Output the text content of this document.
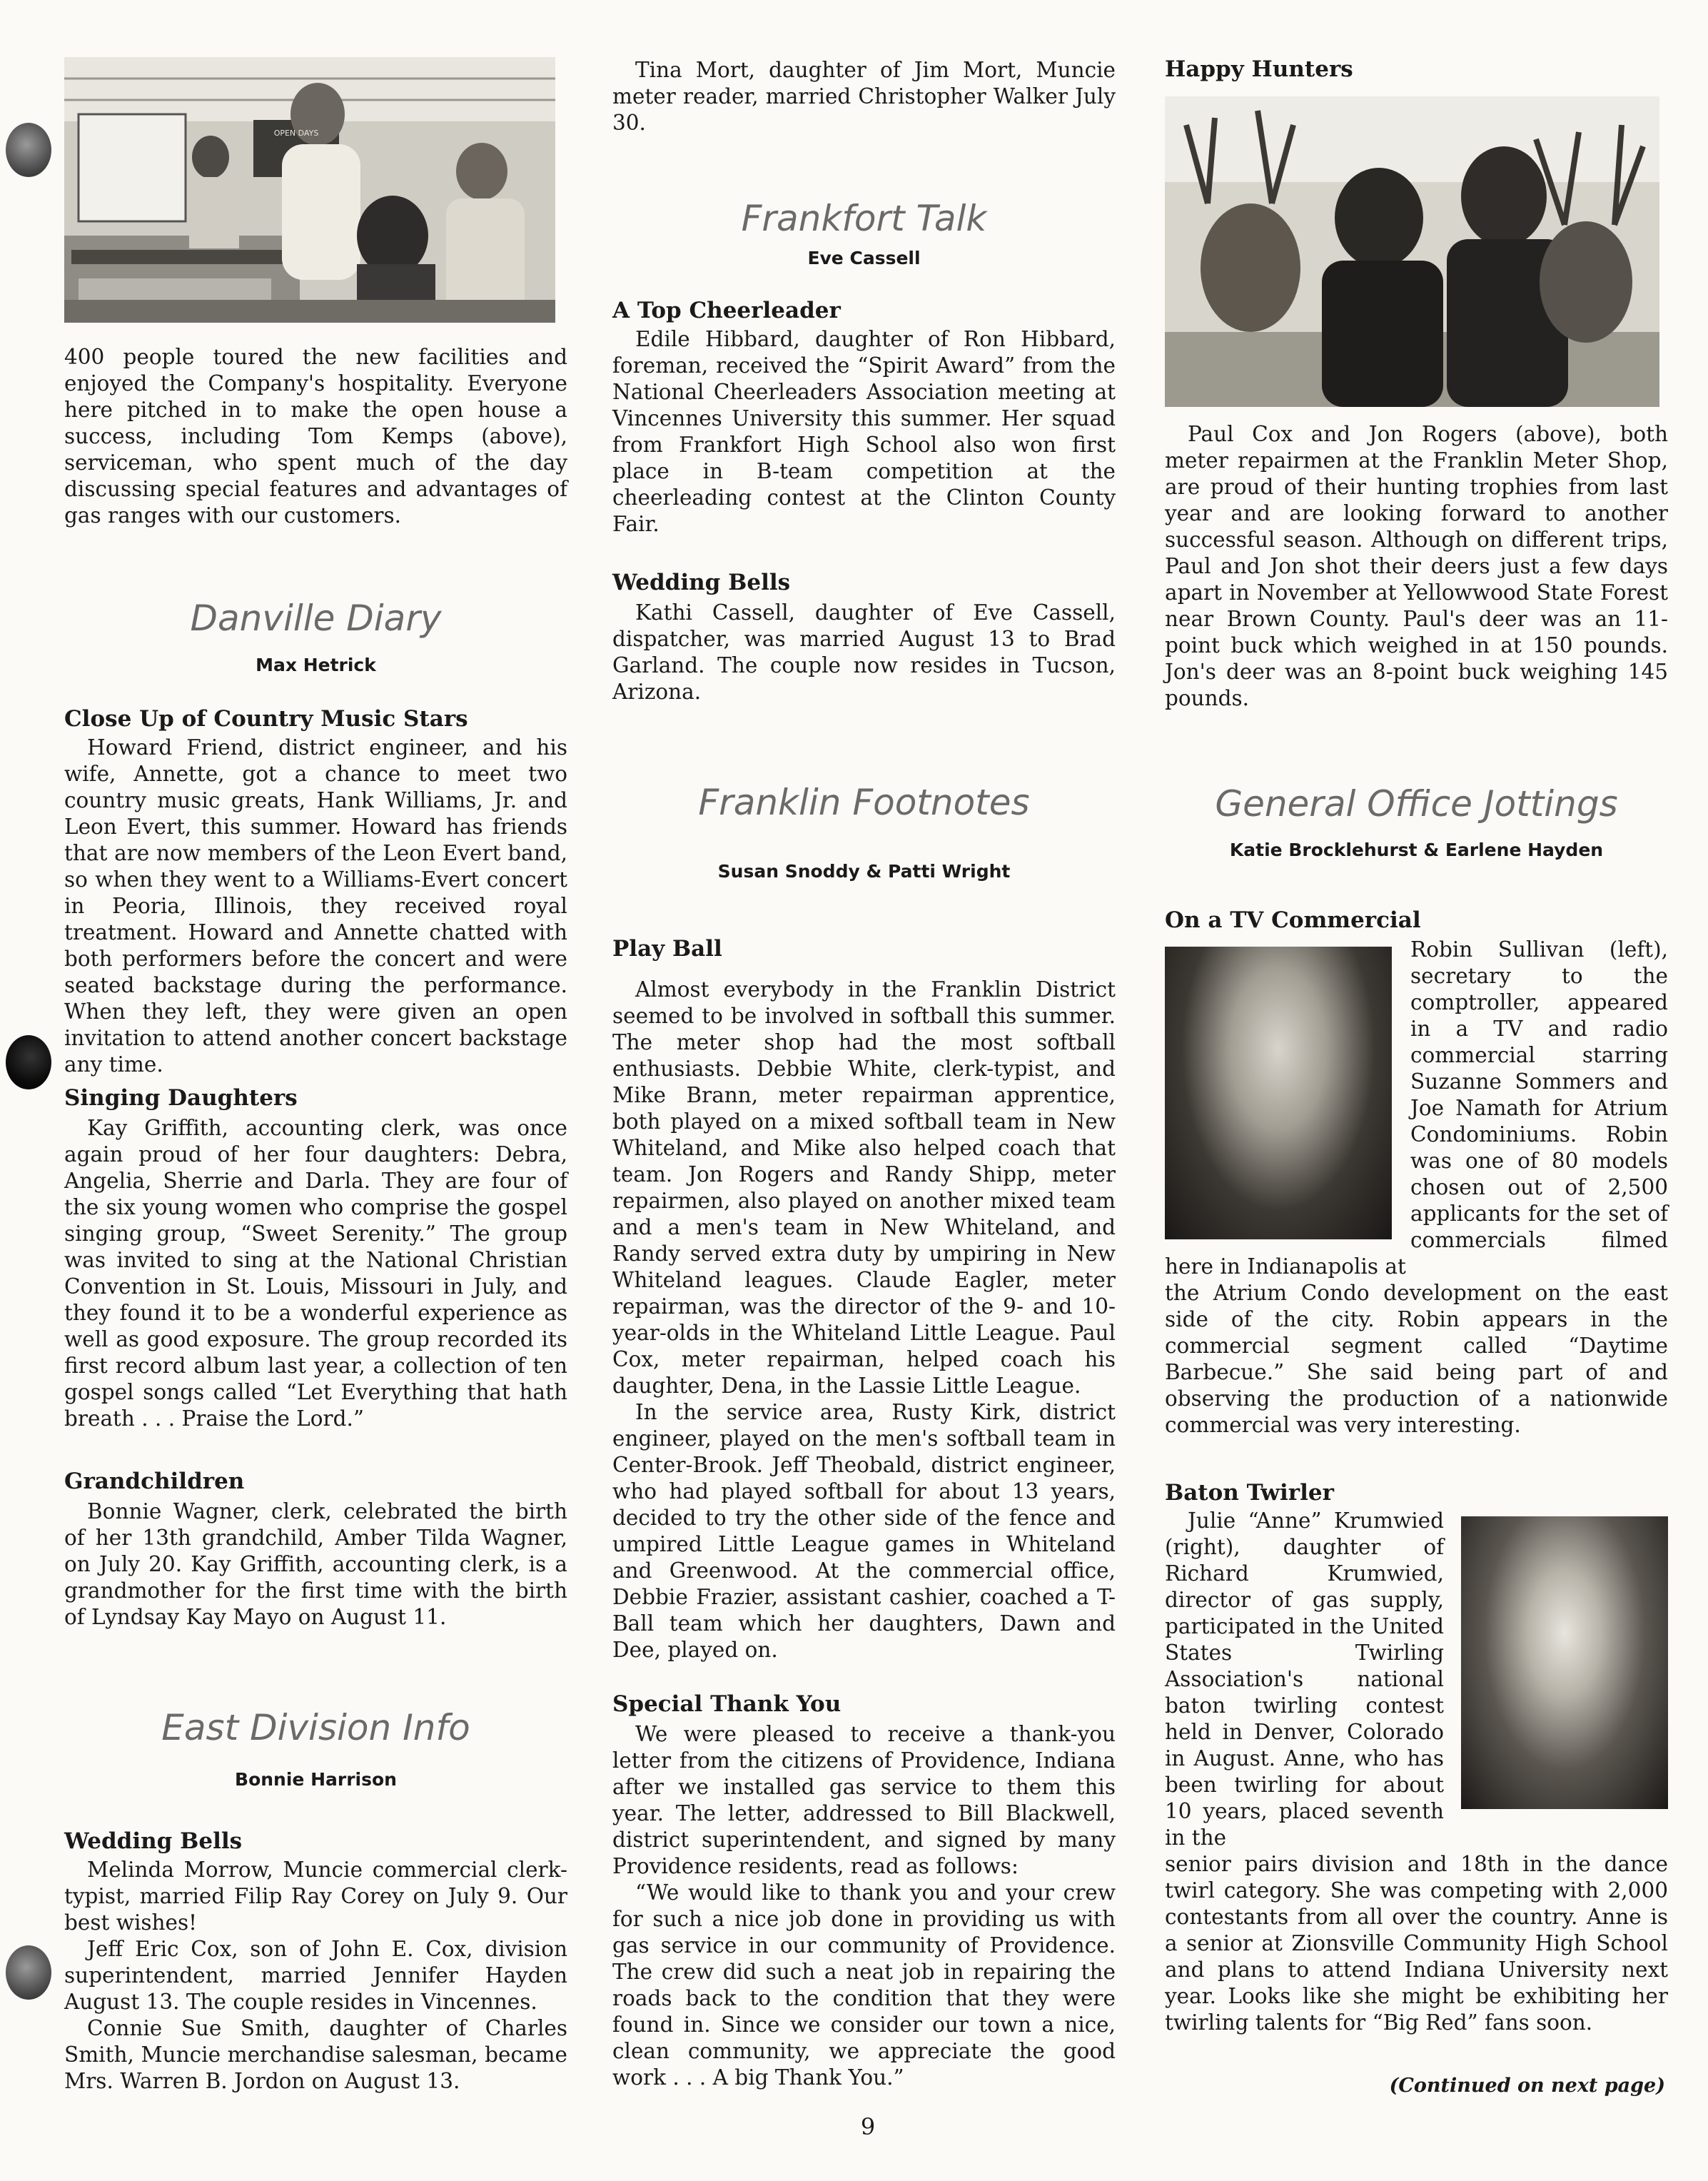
OPEN DAYS

400 people toured the new facilities and enjoyed the Company's hospitality. Everyone here pitched in to make the open house a success, including Tom Kemps (above), serviceman, who spent much of the day discussing special features and advantages of gas ranges with our customers.

Danville Diary

Max Hetrick

Close Up of Country Music Stars

Howard Friend, district engineer, and his wife, Annette, got a chance to meet two country music greats, Hank Williams, Jr. and Leon Evert, this summer. Howard has friends that are now members of the Leon Evert band, so when they went to a Williams-Evert concert in Peoria, Illinois, they received royal treatment. Howard and Annette chatted with both performers before the concert and were seated backstage during the performance. When they left, they were given an open invitation to attend another concert backstage any time.

Singing Daughters

Kay Griffith, accounting clerk, was once again proud of her four daughters: Debra, Angelia, Sherrie and Darla. They are four of the six young women who comprise the gospel singing group, “Sweet Serenity.” The group was invited to sing at the National Christian Convention in St. Louis, Missouri in July, and they found it to be a wonderful experience as well as good exposure. The group recorded its first record album last year, a collection of ten gospel songs called “Let Everything that hath breath . . . Praise the Lord.”

Grandchildren

Bonnie Wagner, clerk, celebrated the birth of her 13th grandchild, Amber Tilda Wagner, on July 20. Kay Griffith, accounting clerk, is a grandmother for the first time with the birth of Lyndsay Kay Mayo on August 11.

East Division Info

Bonnie Harrison

Wedding Bells

Melinda Morrow, Muncie commercial clerk-typist, married Filip Ray Corey on July 9. Our best wishes!

Jeff Eric Cox, son of John E. Cox, division superintendent, married Jennifer Hayden August 13. The couple resides in Vincennes.

Connie Sue Smith, daughter of Charles Smith, Muncie merchandise salesman, became Mrs. Warren B. Jordon on August 13.

Tina Mort, daughter of Jim Mort, Muncie meter reader, married Christopher Walker July 30.

Frankfort Talk

Eve Cassell

A Top Cheerleader

Edile Hibbard, daughter of Ron Hibbard, foreman, received the “Spirit Award” from the National Cheerleaders Association meeting at Vincennes University this summer. Her squad from Frankfort High School also won first place in B-team competition at the cheerleading contest at the Clinton County Fair.

Wedding Bells

Kathi Cassell, daughter of Eve Cassell, dispatcher, was married August 13 to Brad Garland. The couple now resides in Tucson, Arizona.

Franklin Footnotes

Susan Snoddy & Patti Wright

Play Ball

Almost everybody in the Franklin District seemed to be involved in softball this summer. The meter shop had the most softball enthusiasts. Debbie White, clerk-typist, and Mike Brann, meter repairman apprentice, both played on a mixed softball team in New Whiteland, and Mike also helped coach that team. Jon Rogers and Randy Shipp, meter repairmen, also played on another mixed team and a men's team in New Whiteland, and Randy served extra duty by umpiring in New Whiteland leagues. Claude Eagler, meter repairman, was the director of the 9- and 10-year-olds in the Whiteland Little League. Paul Cox, meter repairman, helped coach his daughter, Dena, in the Lassie Little League.

In the service area, Rusty Kirk, district engineer, played on the men's softball team in Center-Brook. Jeff Theobald, district engineer, who had played softball for about 13 years, decided to try the other side of the fence and umpired Little League games in Whiteland and Greenwood. At the commercial office, Debbie Frazier, assistant cashier, coached a T-Ball team which her daughters, Dawn and Dee, played on.

Special Thank You

We were pleased to receive a thank-you letter from the citizens of Providence, Indiana after we installed gas service to them this year. The letter, addressed to Bill Blackwell, district superintendent, and signed by many Providence residents, read as follows:

“We would like to thank you and your crew for such a nice job done in providing us with gas service in our community of Providence. The crew did such a neat job in repairing the roads back to the condition that they were found in. Since we consider our town a nice, clean community, we appreciate the good work . . . A big Thank You.”

Happy Hunters

Paul Cox and Jon Rogers (above), both meter repairmen at the Franklin Meter Shop, are proud of their hunting trophies from last year and are looking forward to another successful season. Although on different trips, Paul and Jon shot their deers just a few days apart in November at Yellowwood State Forest near Brown County. Paul's deer was an 11-point buck which weighed in at 150 pounds. Jon's deer was an 8-point buck weighing 145 pounds.

General Office Jottings

Katie Brocklehurst & Earlene Hayden

On a TV Commercial

Robin Sullivan (left), secretary to the comptroller, appeared in a TV and radio commercial starring Suzanne Sommers and Joe Namath for Atrium Condominiums. Robin was one of 80 models chosen out of 2,500 applicants for the set of commercials filmed here in Indianapolis at

the Atrium Condo development on the east side of the city. Robin appears in the commercial segment called “Daytime Barbecue.” She said being part of and observing the production of a nationwide commercial was very interesting.

Baton Twirler

Julie “Anne” Krumwied (right), daughter of Richard Krumwied, director of gas supply, participated in the United States Twirling Association's national baton twirling contest held in Denver, Colorado in August. Anne, who has been twirling for about 10 years, placed seventh in the

senior pairs division and 18th in the dance twirl category. She was competing with 2,000 contestants from all over the country. Anne is a senior at Zionsville Community High School and plans to attend Indiana University next year. Looks like she might be exhibiting her twirling talents for “Big Red” fans soon.

(Continued on next page)
9
